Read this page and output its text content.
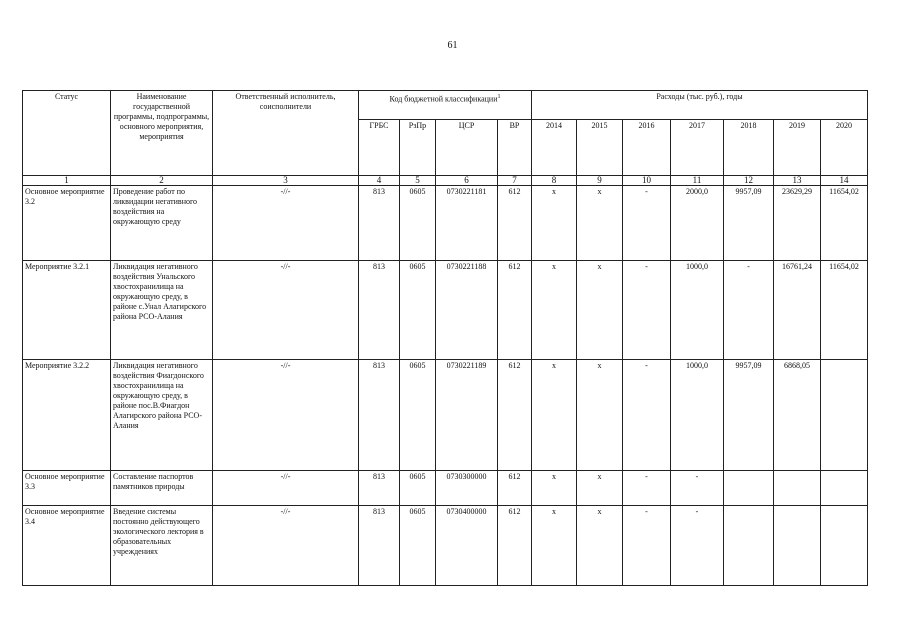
61
Статус	Наименование государственной программы, подпрограммы, основного мероприятия, мероприятия	Ответственный исполнитель, соисполнители	Код бюджетной классификации$^1$				Расходы (тыс. руб.), годы						
			ГРБС	РзПр	ЦСР	ВР	2014	2015	2016	2017	2018	2019	2020
1	2	3	4	5	6	7	8	9	10	11	12	13	14
Основное мероприятие 3.2	Проведение работ по ликвидации негативного воздействия на окружающую среду	-//-	813	0605	0730221181	612	x	x	-	2000,0	9957,09	23629,29	11654,02
Мероприятие 3.2.1	Ликвидация негативного воздействия Унальского хвостохранилища на окружающую среду, в районе с.Унал Алагирского района РСО-Алания	-//-	813	0605	0730221188	612	x	x	-	1000,0	-	16761,24	11654,02
Мероприятие 3.2.2	Ликвидация негативного воздействия Фиагдонского хвостохранилища на окружающую среду, в районе пос.В.Фиагдон Алагирского района РСО-Алания	-//-	813	0605	0730221189	612	x	x	-	1000,0	9957,09	6868,05	
Основное мероприятие 3.3	Составление паспортов памятников природы	-//-	813	0605	0730300000	612	x	x	-	-			
Основное мероприятие 3.4	Введение системы постоянно действующего экологического лектория в образовательных учреждениях	-//-	813	0605	0730400000	612	x	x	-	-			
